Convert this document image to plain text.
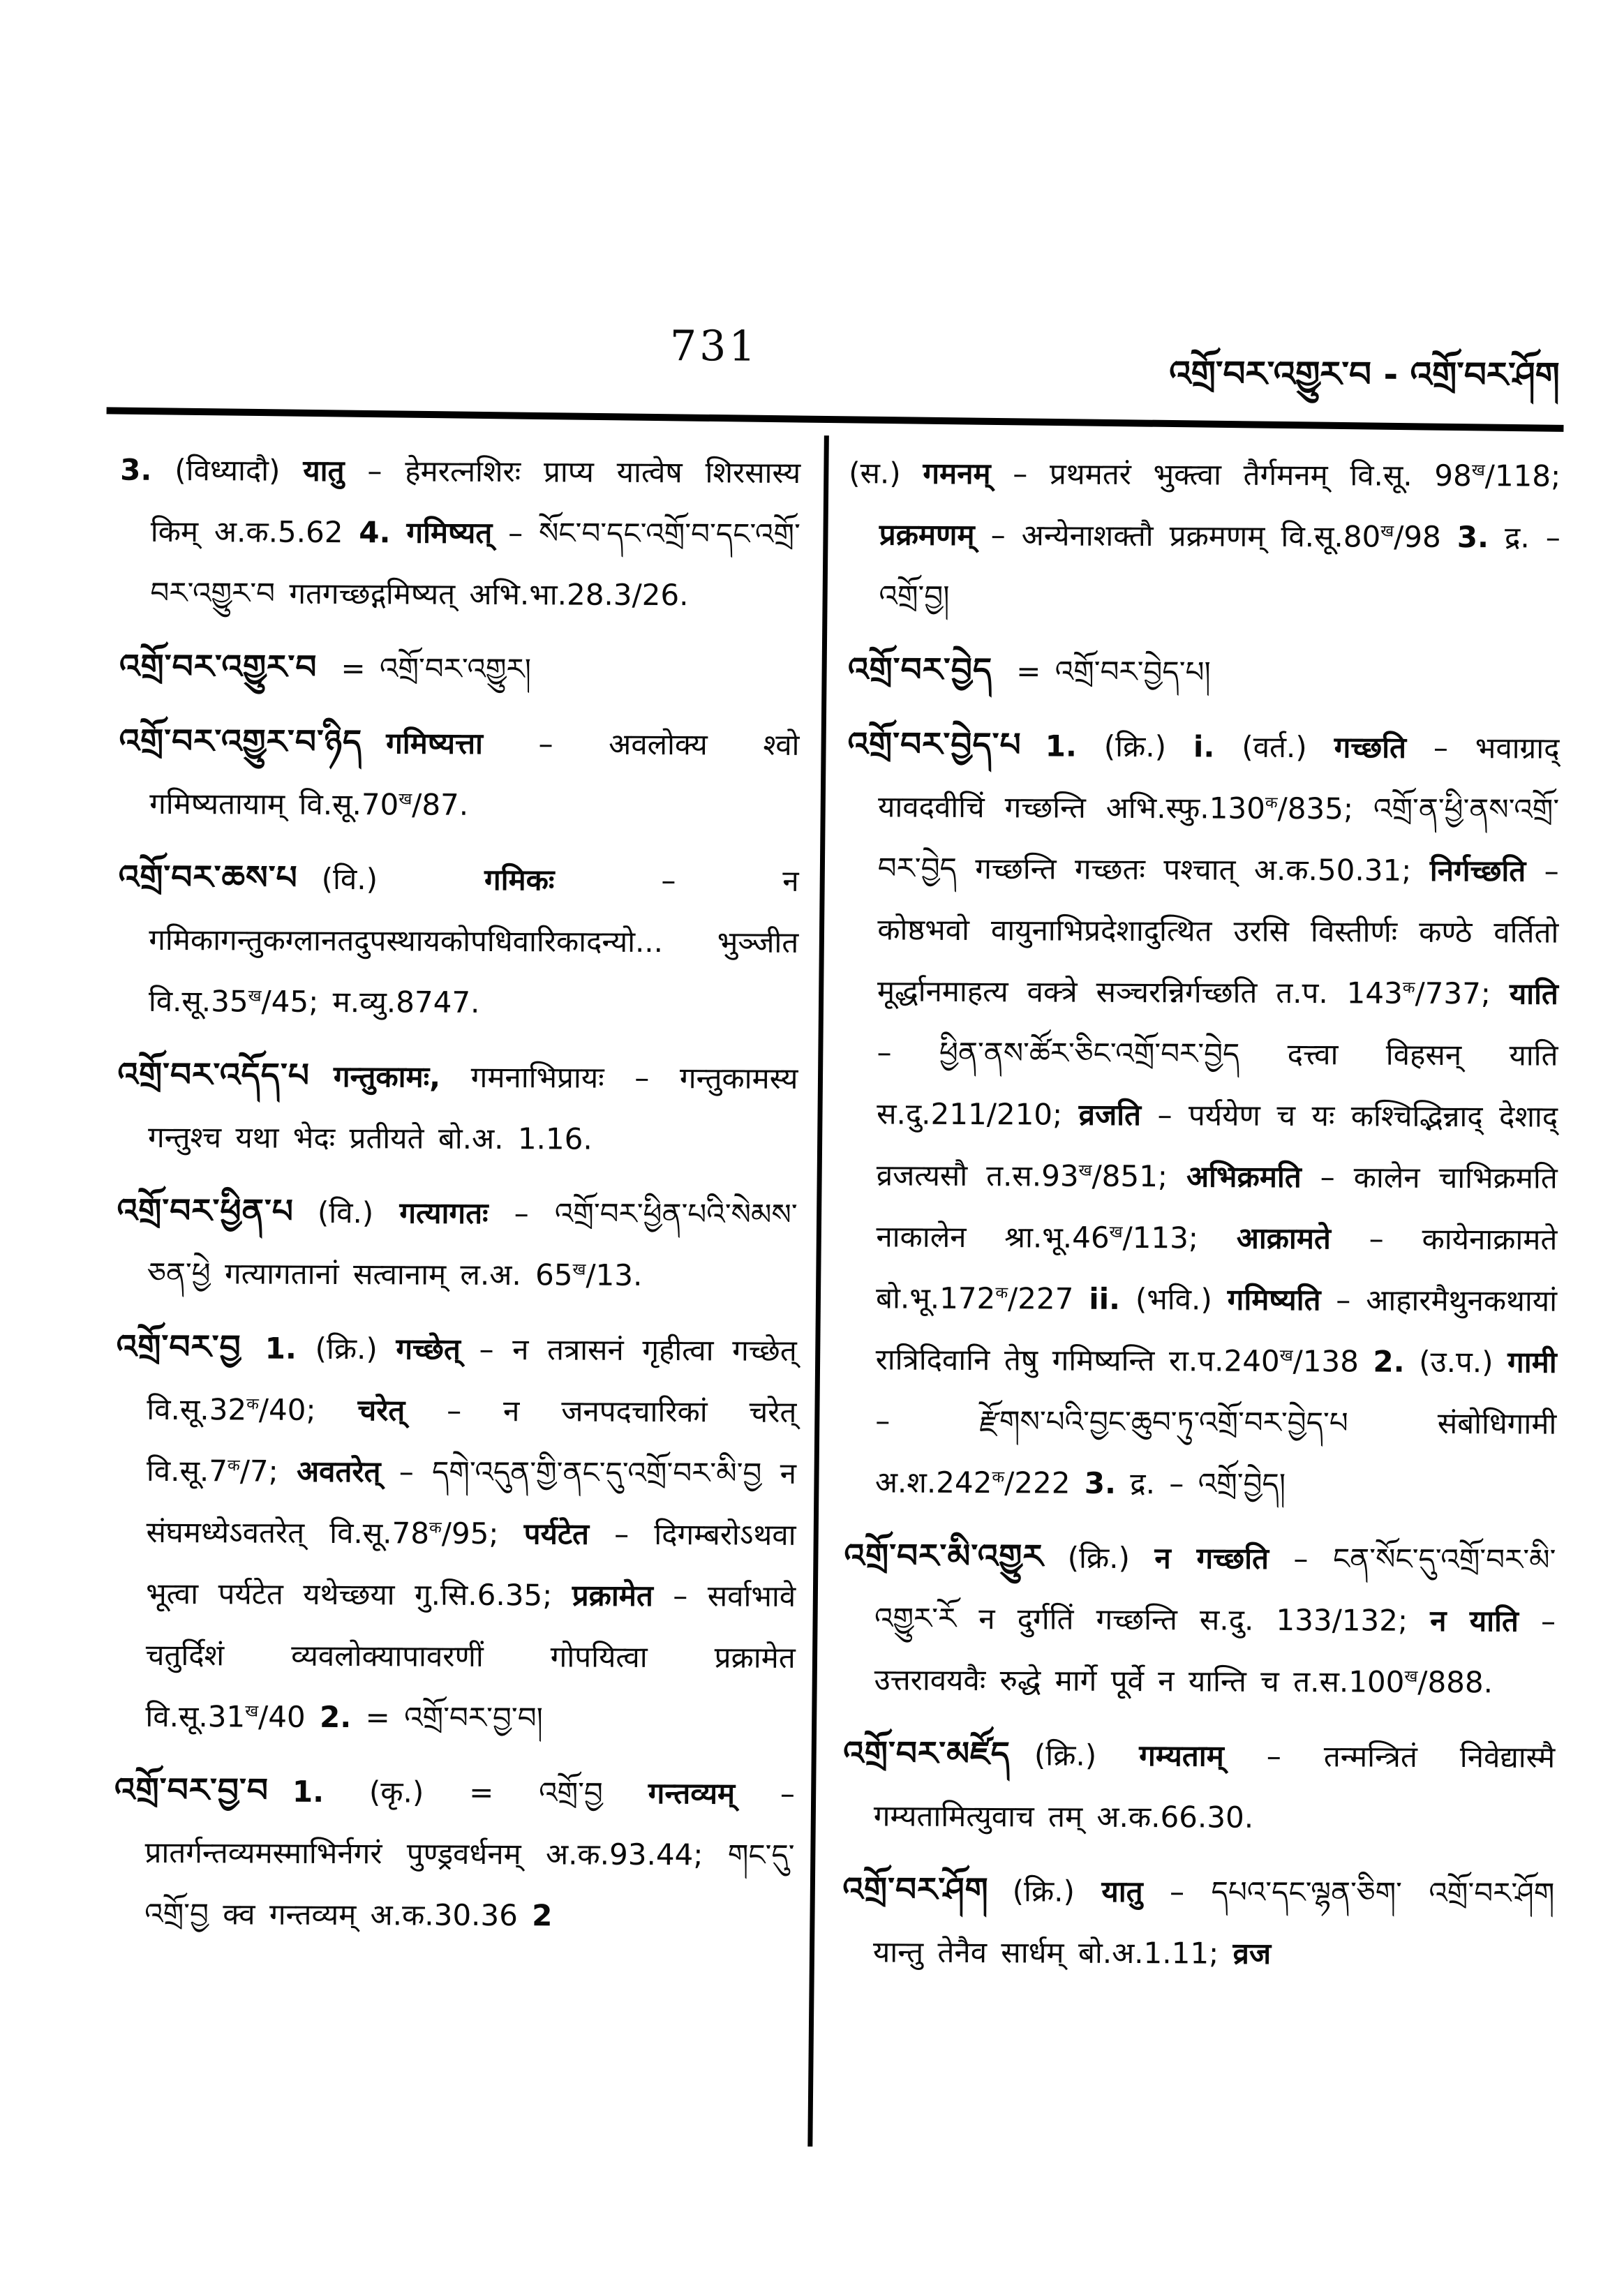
731
འགྲོ་བར་འགྱུར་བ - འགྲོ་བར་ཤོག

3. (विध्यादौ) यातु – हेमरत्नशिरः प्राप्य यात्वेष शिरसास्य किम् अ.क.5.62 4. गमिष्यत् – སོང་བ་དང་འགྲོ་བ་དང་འགྲོ་བར་འགྱུར་བ गतगच्छद्गमिष्यत् अभि.भा.28.3/26.

འགྲོ་བར་འགྱུར་བ = འགྲོ་བར་འགྱུར།

འགྲོ་བར་འགྱུར་བ་ཉིད गमिष्यत्ता – अवलोक्य श्वो गमिष्यतायाम् $वि.सू.70^ख/87$.

འགྲོ་བར་ཆས་པ (वि.) गमिकः – न गमिकागन्तुकग्लानतदुपस्थायकोपधिवारिकादन्यो... भुञ्जीत $वि.सू.35^ख/45$; म.व्यु.8747.

འགྲོ་བར་འདོད་པ गन्तुकामः, गमनाभिप्रायः – गन्तुकामस्य गन्तुश्च यथा भेदः प्रतीयते बो.अ. 1.16.

འགྲོ་བར་ཕྱིན་པ (वि.) गत्यागतः – འགྲོ་བར་ཕྱིན་པའི་སེམས་ཅན་ཕྱེ गत्यागतानां सत्वानाम् ल.अ. $65^ख/13$.

འགྲོ་བར་བྱ 1. (क्रि.) गच्छेत् – न तत्रासनं गृहीत्वा गच्छेत् $वि.सू.32^क/40$; चरेत् – न जनपदचारिकां चरेत् $वि.सू.7^क/7$; अवतरेत् – དགེ་འདུན་གྱི་ནང་དུ་འགྲོ་བར་མི་བྱ न संघमध्येऽवतरेत् $वि.सू.78^क/95$; पर्यटेत – दिगम्बरोऽथवा भूत्वा पर्यटेत यथेच्छया गु.सि.6.35; प्रक्रामेत – सर्वाभावे चतुर्दिशं व्यवलोक्यापावरणीं गोपयित्वा प्रक्रामेत $वि.सू.31^ख/40$ 2. = འགྲོ་བར་བྱ་བ།

འགྲོ་བར་བྱ་བ 1. (कृ.) = འགྲོ་བྱ गन्तव्यम् – प्रातर्गन्तव्यमस्माभिर्नगरं पुण्ड्रवर्धनम् अ.क.93.44; གང་དུ་འགྲོ་བྱ क्व गन्तव्यम् अ.क.30.36 2

(स.) गमनम् – प्रथमतरं भुक्त्वा तैर्गमनम् वि.सू. $98^ख/118$; प्रक्रमणम् – अन्येनाशक्तौ प्रक्रमणम् $वि.सू.80^ख/98$ 3. द्र. – འགྲོ་བྱ།

འགྲོ་བར་བྱེད = འགྲོ་བར་བྱེད་པ།

འགྲོ་བར་བྱེད་པ 1. (क्रि.) i. (वर्त.) गच्छति – भवाग्राद् यावदवीचिं गच्छन्ति $अभि.स्फु.130^क/835$; འགྲོ་ན་ཕྱི་ནས་འགྲོ་བར་བྱེད गच्छन्ति गच्छतः पश्चात् अ.क.50.31; निर्गच्छति – कोष्ठभवो वायुनाभिप्रदेशादुत्थित उरसि विस्तीर्णः कण्ठे वर्तितो मूर्द्धानमाहत्य वक्त्रे सञ्चरन्निर्गच्छति त.प. $143^क/737$; याति – ཕྱིན་ནས་ཚོར་ཅིང་འགྲོ་བར་བྱེད दत्त्वा विहसन् याति स.दु.211/210; व्रजति – पर्ययेण च यः कश्चिद्भिन्नाद् देशाद् व्रजत्यसौ $त.स.93^ख/851$; अभिक्रमति – कालेन चाभिक्रमति नाकालेन $श्रा.भू.46^ख/113$; आक्रामते – कायेनाक्रामते $बो.भू.172^क/227$ ii. (भवि.) गमिष्यति – आहारमैथुनकथायां रात्रिदिवानि तेषु गमिष्यन्ति $रा.प.240^ख/138$ 2. (उ.प.) गामी – རྫོགས་པའི་བྱང་ཆུབ་ཏུ་འགྲོ་བར་བྱེད་པ संबोधिगामी $अ.श.242^क/222$ 3. द्र. – འགྲོ་བྱེད།

འགྲོ་བར་མི་འགྱུར (क्रि.) न गच्छति – ངན་སོང་དུ་འགྲོ་བར་མི་འགྱུར་རོ न दुर्गतिं गच्छन्ति स.दु. 133/132; न याति – उत्तरावयवैः रुद्धे मार्गे पूर्वे न यान्ति च $त.स.100^ख/888$.

འགྲོ་བར་མཛོད (क्रि.) गम्यताम् – तन्मन्त्रितं निवेद्यास्मै गम्यतामित्युवाच तम् अ.क.66.30.

འགྲོ་བར་ཤོག (क्रि.) यातु – དཔའ་དང་ལྷན་ཅིག་ འགྲོ་བར་ཤོག यान्तु तेनैव सार्धम् बो.अ.1.11; व्रज
